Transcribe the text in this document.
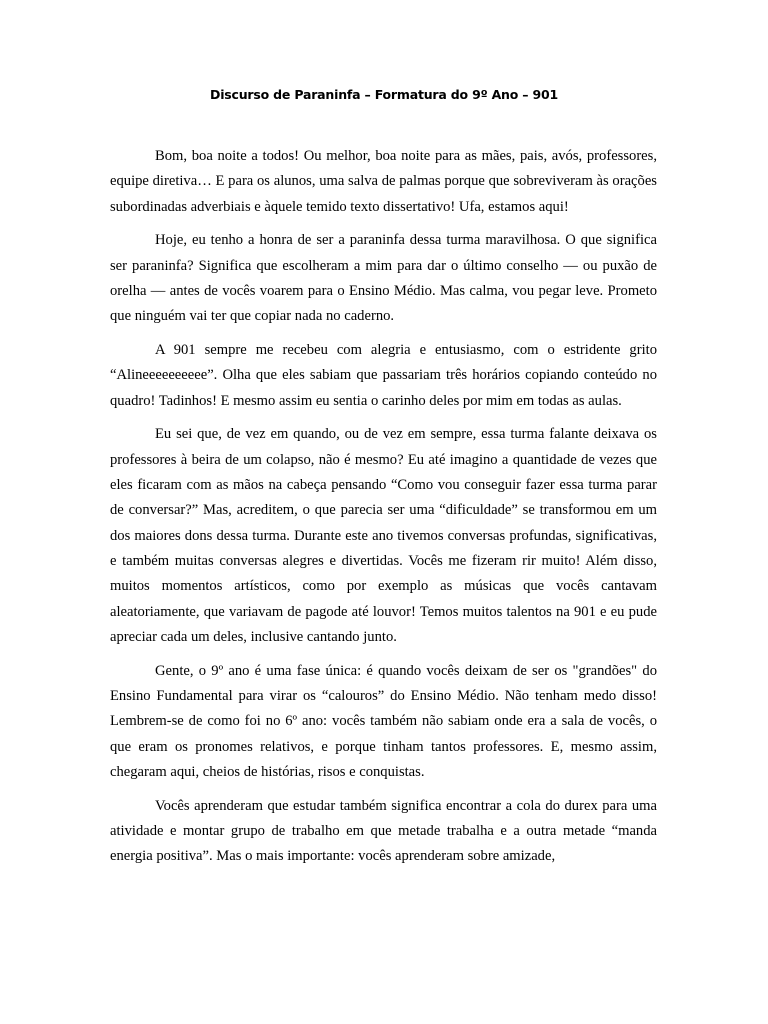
Discurso de Paraninfa – Formatura do 9º Ano – 901

Bom, boa noite a todos! Ou melhor, boa noite para as mães, pais, avós, professores, equipe diretiva… E para os alunos, uma salva de palmas porque que sobreviveram às orações subordinadas adverbiais e àquele temido texto dissertativo! Ufa, estamos aqui!

Hoje, eu tenho a honra de ser a paraninfa dessa turma maravilhosa. O que significa ser paraninfa? Significa que escolheram a mim para dar o último conselho — ou puxão de orelha — antes de vocês voarem para o Ensino Médio. Mas calma, vou pegar leve. Prometo que ninguém vai ter que copiar nada no caderno.

A 901 sempre me recebeu com alegria e entusiasmo, com o estridente grito “Alineeeeeeeeee”. Olha que eles sabiam que passariam três horários copiando conteúdo no quadro! Tadinhos! E mesmo assim eu sentia o carinho deles por mim em todas as aulas.

Eu sei que, de vez em quando, ou de vez em sempre, essa turma falante deixava os professores à beira de um colapso, não é mesmo? Eu até imagino a quantidade de vezes que eles ficaram com as mãos na cabeça pensando “Como vou conseguir fazer essa turma parar de conversar?” Mas, acreditem, o que parecia ser uma “dificuldade” se transformou em um dos maiores dons dessa turma. Durante este ano tivemos conversas profundas, significativas, e também muitas conversas alegres e divertidas. Vocês me fizeram rir muito! Além disso, muitos momentos artísticos, como por exemplo as músicas que vocês cantavam aleatoriamente, que variavam de pagode até louvor! Temos muitos talentos na 901 e eu pude apreciar cada um deles, inclusive cantando junto.

Gente, o 9º ano é uma fase única: é quando vocês deixam de ser os "grandões" do Ensino Fundamental para virar os “calouros” do Ensino Médio. Não tenham medo disso! Lembrem-se de como foi no 6º ano: vocês também não sabiam onde era a sala de vocês, o que eram os pronomes relativos, e porque tinham tantos professores. E, mesmo assim, chegaram aqui, cheios de histórias, risos e conquistas.

Vocês aprenderam que estudar também significa encontrar a cola do durex para uma atividade e montar grupo de trabalho em que metade trabalha e a outra metade “manda energia positiva”. Mas o mais importante: vocês aprenderam sobre amizade,
